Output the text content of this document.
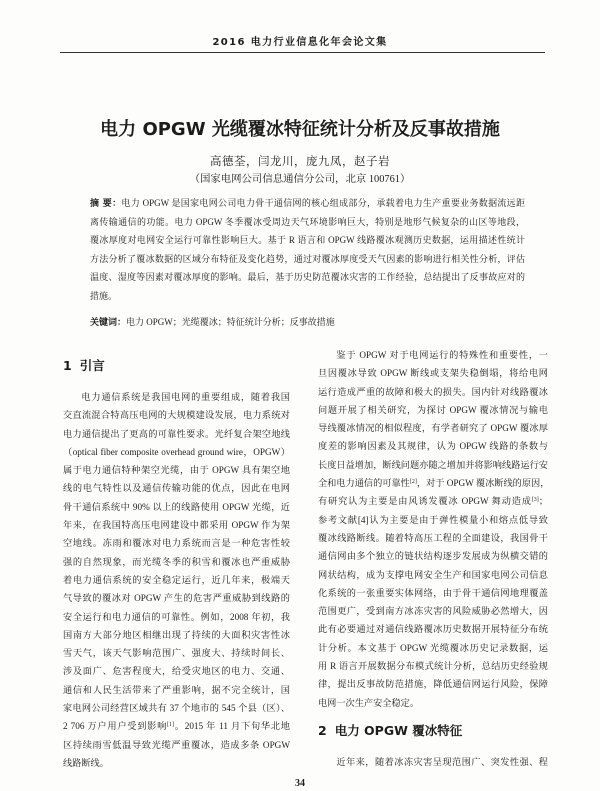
2016 电力行业信息化年会论文集
电力 OPGW 光缆覆冰特征统计分析及反事故措施
高德荃，闫龙川，庞九凤，赵子岩
（国家电网公司信息通信分公司，北京 100761）
摘 要：电力 OPGW 是国家电网公司电力骨干通信网的核心组成部分，承载着电力生产重要业务数据流远距
离传输通信的功能。电力 OPGW 冬季覆冰受周边天气环境影响巨大，特别是地形气候复杂的山区等地段，
覆冰厚度对电网安全运行可靠性影响巨大。基于 R 语言和 OPGW 线路覆冰观测历史数据，运用描述性统计
方法分析了覆冰数据的区域分布特征及变化趋势，通过对覆冰厚度受天气因素的影响进行相关性分析，评估
温度、湿度等因素对覆冰厚度的影响。最后，基于历史防范覆冰灾害的工作经验，总结提出了反事故应对的
措施。
关键词：电力 OPGW；光缆覆冰；特征统计分析；反事故措施
1 引言
电力通信系统是我国电网的重要组成，随着我国
交直流混合特高压电网的大规模建设发展，电力系统对
电力通信提出了更高的可靠性要求。光纤复合架空地线
（optical fiber composite overhead ground wire，OPGW）
属于电力通信特种架空光缆，由于 OPGW 具有架空地
线的电气特性以及通信传输功能的优点，因此在电网
骨干通信系统中 90% 以上的线路使用 OPGW 光缆，近
年来，在我国特高压电网建设中都采用 OPGW 作为架
空地线。冻雨和覆冰对电力系统而言是一种危害性较
强的自然现象，而光缆冬季的积雪和覆冰也严重威胁
着电力通信系统的安全稳定运行，近几年来，极端天
气导致的覆冰对 OPGW 产生的危害严重威胁到线路的
安全运行和电力通信的可靠性。例如，2008 年初，我
国南方大部分地区相继出现了持续的大面积灾害性冰
雪天气，该天气影响范围广、强度大、持续时间长、
涉及面广、危害程度大，给受灾地区的电力、交通、
通信和人民生活带来了严重影响，据不完全统计，国
家电网公司经营区域共有 37 个地市的 545 个县（区）、
2 706 万户用户受到影响[1]。2015 年 11 月下旬华北地
区持续雨雪低温导致光缆严重覆冰，造成多条 OPGW
线路断线。
鉴于 OPGW 对于电网运行的特殊性和重要性，一
旦因覆冰导致 OPGW 断线或支架失稳倒塌，将给电网
运行造成严重的故障和极大的损失。国内针对线路覆冰
问题开展了相关研究，为探讨 OPGW 覆冰情况与输电
导线覆冰情况的相似程度，有学者研究了 OPGW 覆冰厚
度差的影响因素及其规律，认为 OPGW 线路的条数与
长度日益增加，断线问题亦随之增加并将影响线路运行安
全和电力通信的可靠性[2]，对于 OPGW 覆冰断线的原因，
有研究认为主要是由风诱发覆冰 OPGW 舞动造成[3]；
参考文献[4]认为主要是由于弹性模量小和熔点低导致
覆冰线路断线。随着特高压工程的全面建设，我国骨干
通信网由多个独立的链状结构逐步发展成为纵横交错的
网状结构，成为支撑电网安全生产和国家电网公司信息
化系统的一张重要实体网络，由于骨干通信网地理覆盖
范围更广，受到南方冰冻灾害的风险威胁必然增大，因
此有必要通过对通信线路覆冰历史数据开展特征分布统
计分析。本文基于 OPGW 光缆覆冰历史记录数据，运
用 R 语言开展数据分布模式统计分析，总结历史经验规
律，提出反事故防范措施，降低通信网运行风险，保障
电网一次生产安全稳定。
2 电力 OPGW 覆冰特征
近年来，随着冰冻灾害呈现范围广、突发性强、程
34
